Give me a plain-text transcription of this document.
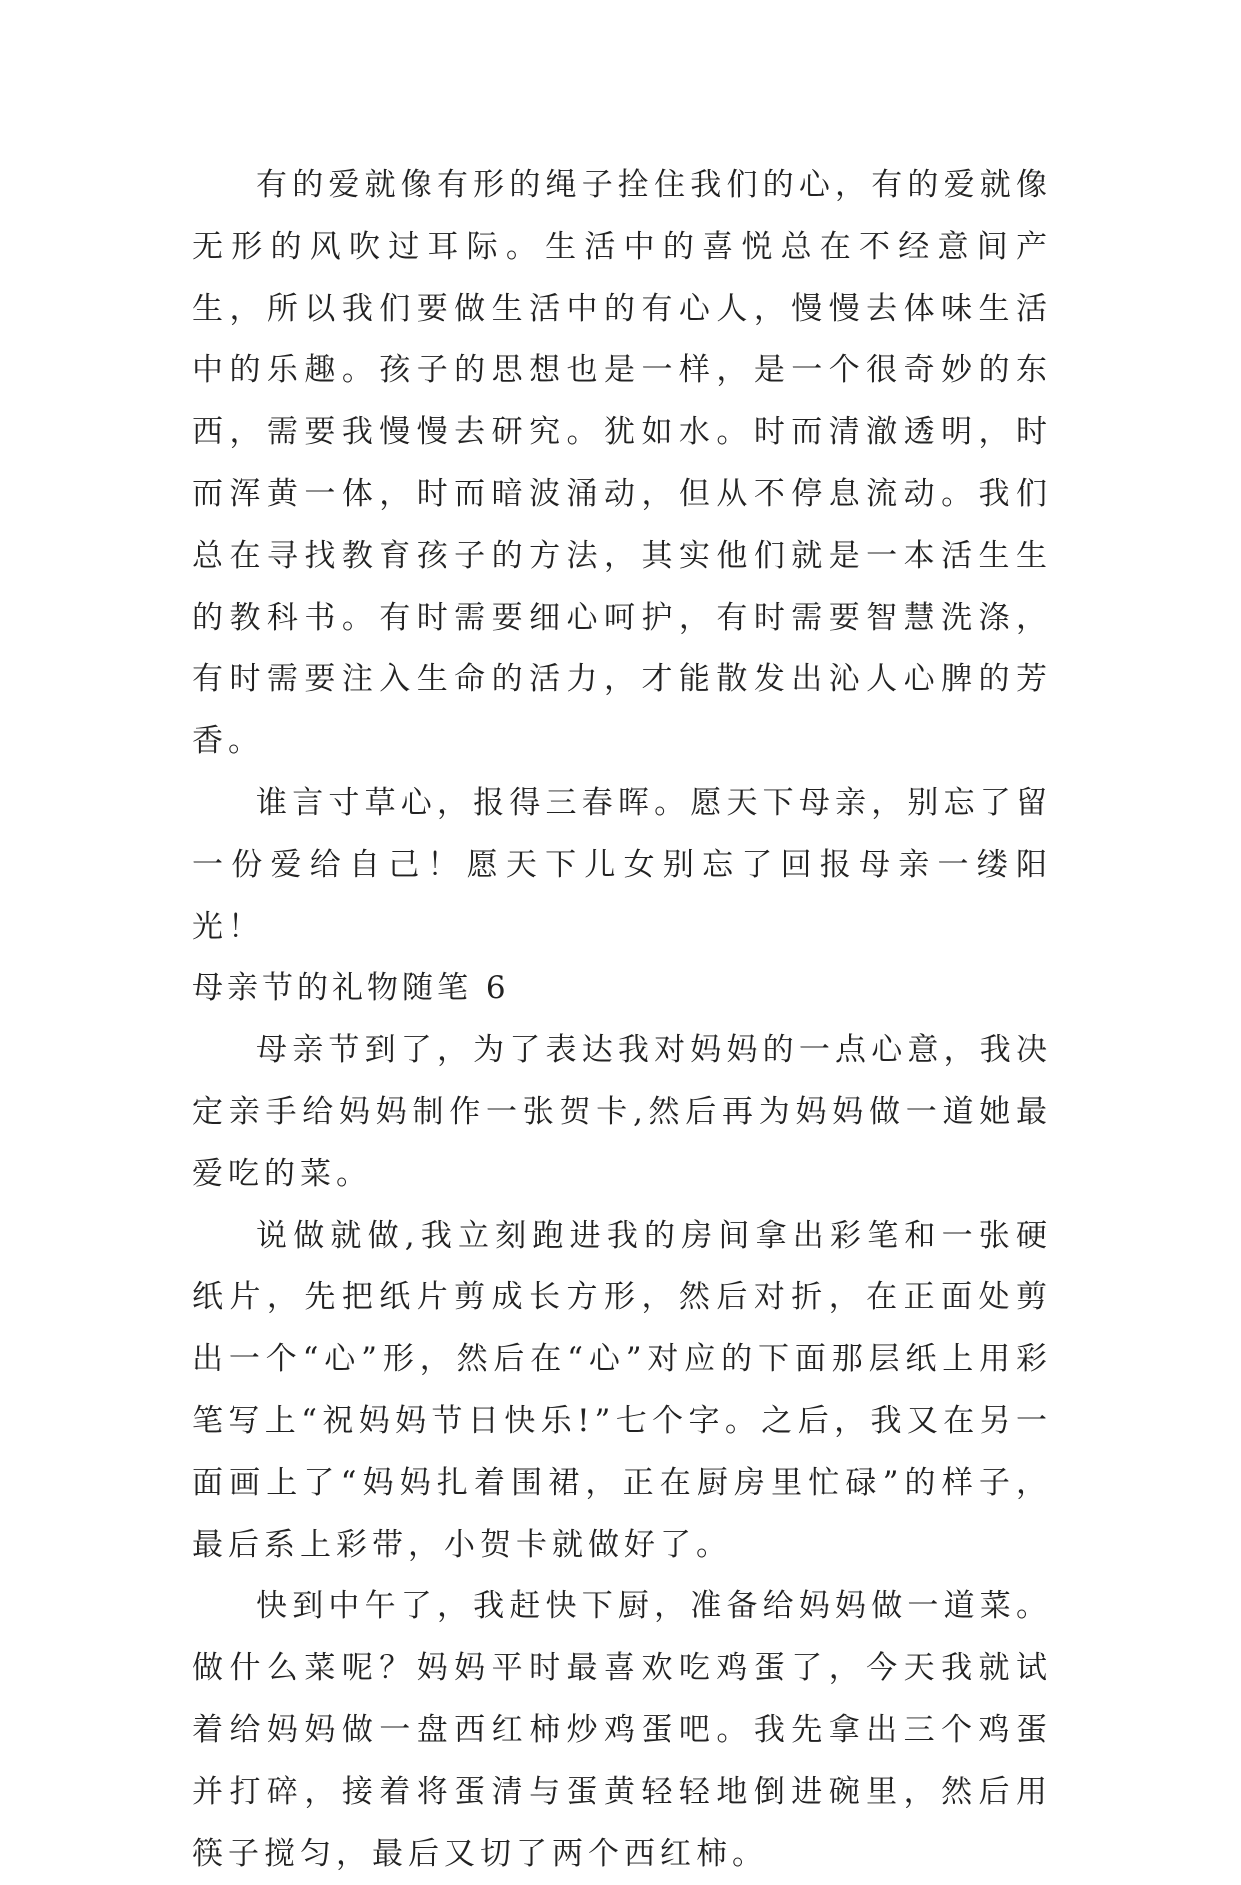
有的爱就像有形的绳子拴住我们的心，有的爱就像无形的风吹过耳际。生活中的喜悦总在不经意间产生，所以我们要做生活中的有心人，慢慢去体味生活中的乐趣。孩子的思想也是一样，是一个很奇妙的东西，需要我慢慢去研究。犹如水。时而清澈透明，时而浑黄一体，时而暗波涌动，但从不停息流动。我们总在寻找教育孩子的方法，其实他们就是一本活生生的教科书。有时需要细心呵护，有时需要智慧洗涤，有时需要注入生命的活力，才能散发出沁人心脾的芳香。

谁言寸草心，报得三春晖。愿天下母亲，别忘了留一份爱给自己！愿天下儿女别忘了回报母亲一缕阳光！

母亲节的礼物随笔 6

母亲节到了，为了表达我对妈妈的一点心意，我决定亲手给妈妈制作一张贺卡,然后再为妈妈做一道她最爱吃的菜。

说做就做,我立刻跑进我的房间拿出彩笔和一张硬纸片，先把纸片剪成长方形，然后对折，在正面处剪出一个“心”形，然后在“心”对应的下面那层纸上用彩笔写上“祝妈妈节日快乐!”七个字。之后，我又在另一面画上了“妈妈扎着围裙，正在厨房里忙碌”的样子，最后系上彩带，小贺卡就做好了。

快到中午了，我赶快下厨，准备给妈妈做一道菜。做什么菜呢？妈妈平时最喜欢吃鸡蛋了，今天我就试着给妈妈做一盘西红柿炒鸡蛋吧。我先拿出三个鸡蛋并打碎，接着将蛋清与蛋黄轻轻地倒进碗里，然后用筷子搅匀，最后又切了两个西红柿。
